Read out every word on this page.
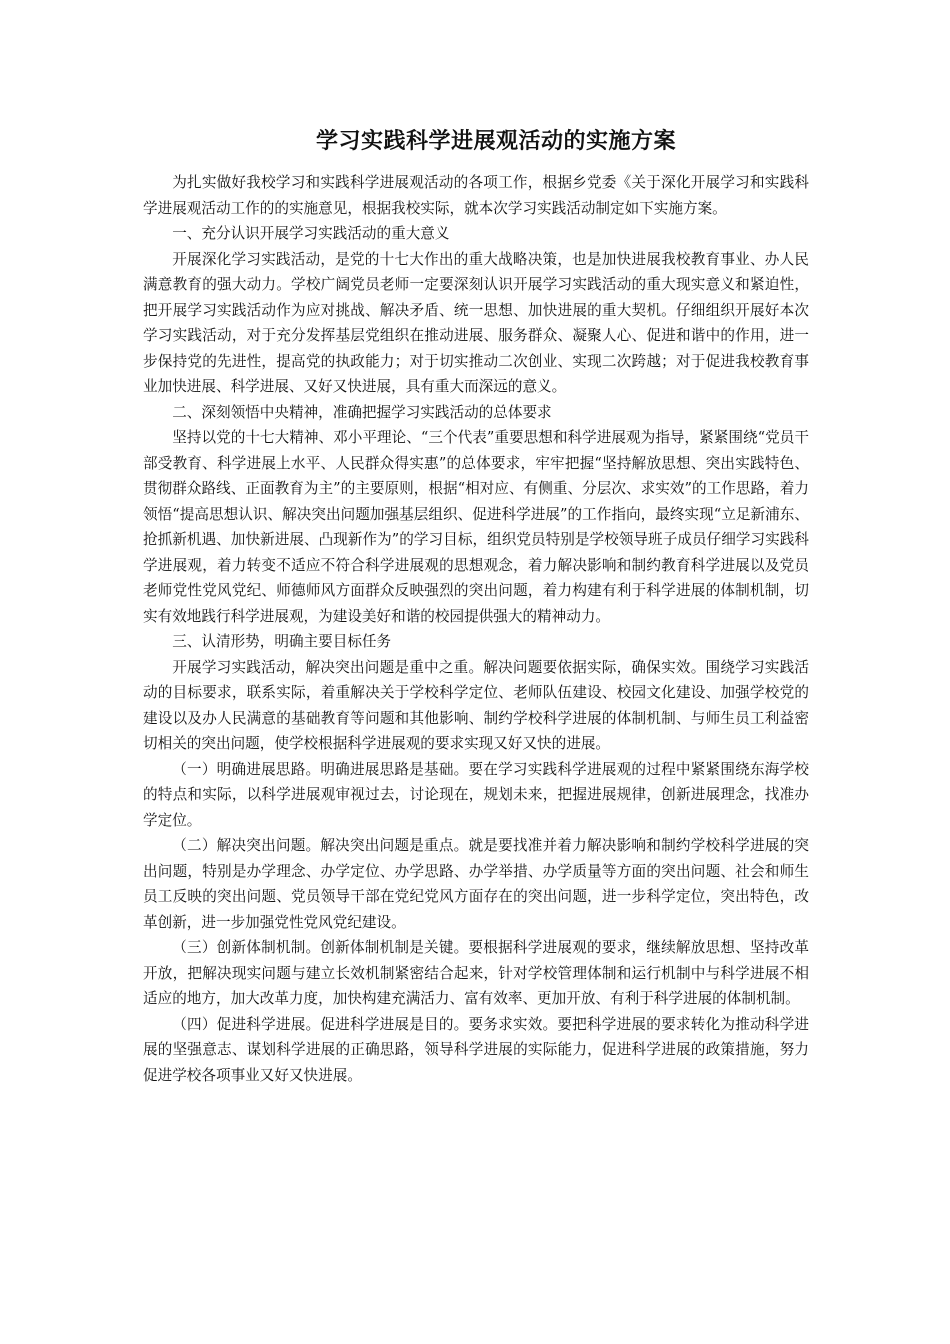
学习实践科学进展观活动的实施方案

为扎实做好我校学习和实践科学进展观活动的各项工作，根据乡党委《关于深化开展学习和实践科学进展观活动工作的的实施意见，根据我校实际，就本次学习实践活动制定如下实施方案。

一、充分认识开展学习实践活动的重大意义

开展深化学习实践活动，是党的十七大作出的重大战略决策，也是加快进展我校教育事业、办人民满意教育的强大动力。学校广阔党员老师一定要深刻认识开展学习实践活动的重大现实意义和紧迫性，把开展学习实践活动作为应对挑战、解决矛盾、统一思想、加快进展的重大契机。仔细组织开展好本次学习实践活动，对于充分发挥基层党组织在推动进展、服务群众、凝聚人心、促进和谐中的作用，进一步保持党的先进性，提高党的执政能力；对于切实推动二次创业、实现二次跨越；对于促进我校教育事业加快进展、科学进展、又好又快进展，具有重大而深远的意义。

二、深刻领悟中央精神，准确把握学习实践活动的总体要求

坚持以党的十七大精神、邓小平理论、“三个代表”重要思想和科学进展观为指导，紧紧围绕“党员干部受教育、科学进展上水平、人民群众得实惠”的总体要求，牢牢把握“坚持解放思想、突出实践特色、贯彻群众路线、正面教育为主”的主要原则，根据“相对应、有侧重、分层次、求实效”的工作思路，着力领悟“提高思想认识、解决突出问题加强基层组织、促进科学进展”的工作指向，最终实现“立足新浦东、抢抓新机遇、加快新进展、凸现新作为”的学习目标，组织党员特别是学校领导班子成员仔细学习实践科学进展观，着力转变不适应不符合科学进展观的思想观念，着力解决影响和制约教育科学进展以及党员老师党性党风党纪、师德师风方面群众反映强烈的突出问题，着力构建有利于科学进展的体制机制，切实有效地践行科学进展观，为建设美好和谐的校园提供强大的精神动力。

三、认清形势，明确主要目标任务

开展学习实践活动，解决突出问题是重中之重。解决问题要依据实际，确保实效。围绕学习实践活动的目标要求，联系实际，着重解决关于学校科学定位、老师队伍建设、校园文化建设、加强学校党的建设以及办人民满意的基础教育等问题和其他影响、制约学校科学进展的体制机制、与师生员工利益密切相关的突出问题，使学校根据科学进展观的要求实现又好又快的进展。

（一）明确进展思路。明确进展思路是基础。要在学习实践科学进展观的过程中紧紧围绕东海学校的特点和实际，以科学进展观审视过去，讨论现在，规划未来，把握进展规律，创新进展理念，找准办学定位。

（二）解决突出问题。解决突出问题是重点。就是要找准并着力解决影响和制约学校科学进展的突出问题，特别是办学理念、办学定位、办学思路、办学举措、办学质量等方面的突出问题、社会和师生员工反映的突出问题、党员领导干部在党纪党风方面存在的突出问题，进一步科学定位，突出特色，改革创新，进一步加强党性党风党纪建设。

（三）创新体制机制。创新体制机制是关键。要根据科学进展观的要求，继续解放思想、坚持改革开放，把解决现实问题与建立长效机制紧密结合起来，针对学校管理体制和运行机制中与科学进展不相适应的地方，加大改革力度，加快构建充满活力、富有效率、更加开放、有利于科学进展的体制机制。

（四）促进科学进展。促进科学进展是目的。要务求实效。要把科学进展的要求转化为推动科学进展的坚强意志、谋划科学进展的正确思路，领导科学进展的实际能力，促进科学进展的政策措施，努力促进学校各项事业又好又快进展。
